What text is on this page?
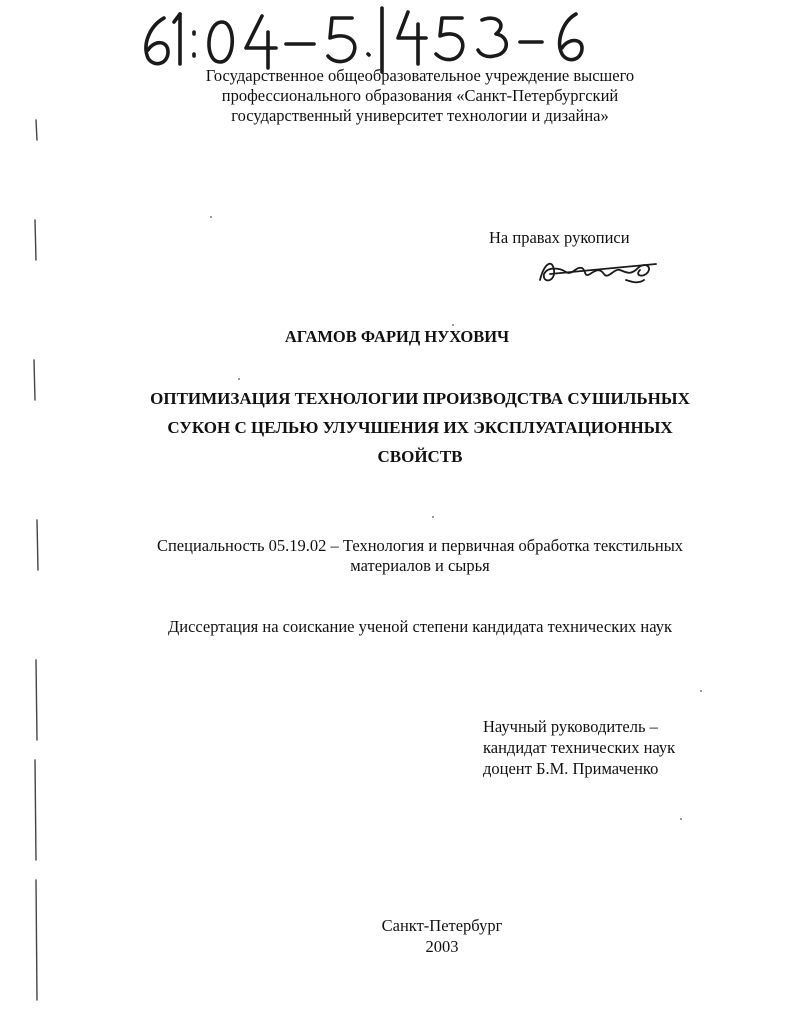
Государственное общеобразовательное учреждение высшего
профессионального образования «Санкт-Петербургский
государственный университет технологии и дизайна»
На правах рукописи
АГАМОВ ФАРИД НУХОВИЧ
ОПТИМИЗАЦИЯ ТЕХНОЛОГИИ ПРОИЗВОДСТВА СУШИЛЬНЫХ
СУКОН С ЦЕЛЬЮ УЛУЧШЕНИЯ ИХ ЭКСПЛУАТАЦИОННЫХ
СВОЙСТВ
Специальность 05.19.02 – Технология и первичная обработка текстильных
материалов и сырья
Диссертация на соискание ученой степени кандидата технических наук
Научный руководитель –
кандидат технических наук
доцент Б.М. Примаченко
Санкт-Петербург
2003
